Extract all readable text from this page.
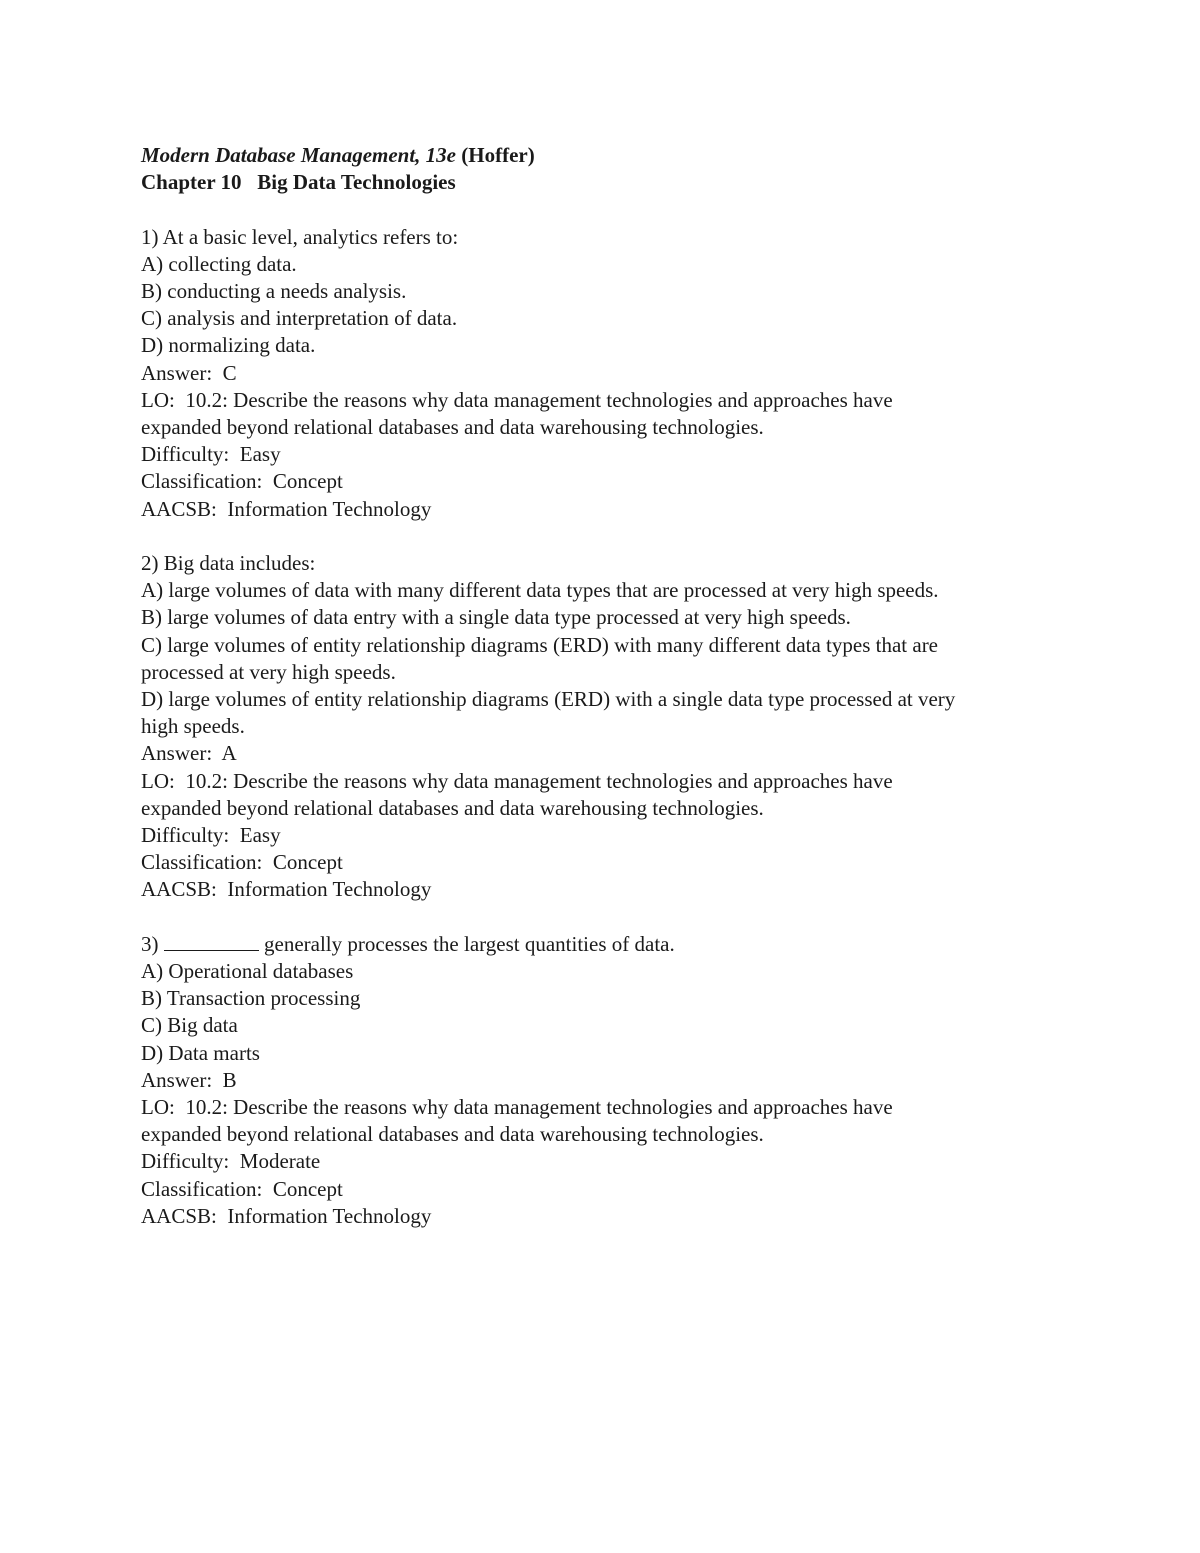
Modern Database Management, 13e (Hoffer)
Chapter 10   Big Data Technologies
1) At a basic level, analytics refers to:
A) collecting data.
B) conducting a needs analysis.
C) analysis and interpretation of data.
D) normalizing data.
Answer:  C
LO:  10.2: Describe the reasons why data management technologies and approaches have
expanded beyond relational databases and data warehousing technologies.
Difficulty:  Easy
Classification:  Concept
AACSB:  Information Technology
2) Big data includes:
A) large volumes of data with many different data types that are processed at very high speeds.
B) large volumes of data entry with a single data type processed at very high speeds.
C) large volumes of entity relationship diagrams (ERD) with many different data types that are
processed at very high speeds.
D) large volumes of entity relationship diagrams (ERD) with a single data type processed at very
high speeds.
Answer:  A
LO:  10.2: Describe the reasons why data management technologies and approaches have
expanded beyond relational databases and data warehousing technologies.
Difficulty:  Easy
Classification:  Concept
AACSB:  Information Technology
3)	generally processes the largest quantities of data.
A) Operational databases
B) Transaction processing
C) Big data
D) Data marts
Answer:  B
LO:  10.2: Describe the reasons why data management technologies and approaches have
expanded beyond relational databases and data warehousing technologies.
Difficulty:  Moderate
Classification:  Concept
AACSB:  Information Technology
